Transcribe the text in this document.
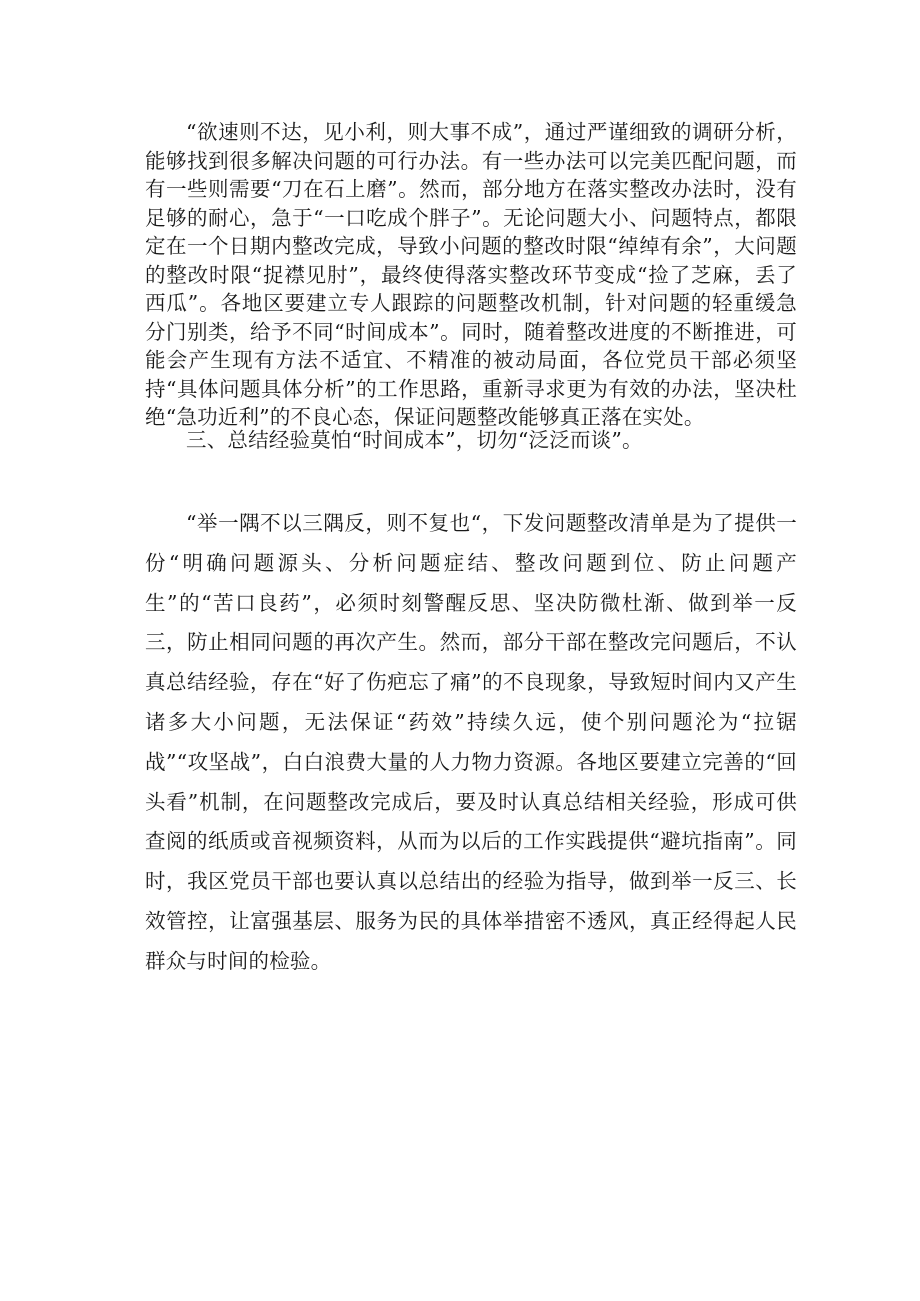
“欲速则不达，见小利，则大事不成”，通过严谨细致的调研分析，能够找到很多解决问题的可行办法。有一些办法可以完美匹配问题，而有一些则需要“刀在石上磨”。然而，部分地方在落实整改办法时，没有足够的耐心，急于“一口吃成个胖子”。无论问题大小、问题特点，都限定在一个日期内整改完成，导致小问题的整改时限“绰绰有余”，大问题的整改时限“捉襟见肘”，最终使得落实整改环节变成“捡了芝麻，丢了西瓜”。各地区要建立专人跟踪的问题整改机制，针对问题的轻重缓急分门别类，给予不同“时间成本”。同时，随着整改进度的不断推进，可能会产生现有方法不适宜、不精准的被动局面，各位党员干部必须坚持“具体问题具体分析”的工作思路，重新寻求更为有效的办法，坚决杜绝“急功近利”的不良心态，保证问题整改能够真正落在实处。

三、总结经验莫怕“时间成本”，切勿“泛泛而谈”。

“举一隅不以三隅反，则不复也“，下发问题整改清单是为了提供一份“明确问题源头、分析问题症结、整改问题到位、防止问题产生”的“苦口良药”，必须时刻警醒反思、坚决防微杜渐、做到举一反三，防止相同问题的再次产生。然而，部分干部在整改完问题后，不认真总结经验，存在“好了伤疤忘了痛”的不良现象，导致短时间内又产生诸多大小问题，无法保证“药效”持续久远，使个别问题沦为“拉锯战”“攻坚战”，白白浪费大量的人力物力资源。各地区要建立完善的“回头看”机制，在问题整改完成后，要及时认真总结相关经验，形成可供查阅的纸质或音视频资料，从而为以后的工作实践提供“避坑指南”。同时，我区党员干部也要认真以总结出的经验为指导，做到举一反三、长效管控，让富强基层、服务为民的具体举措密不透风，真正经得起人民群众与时间的检验。
